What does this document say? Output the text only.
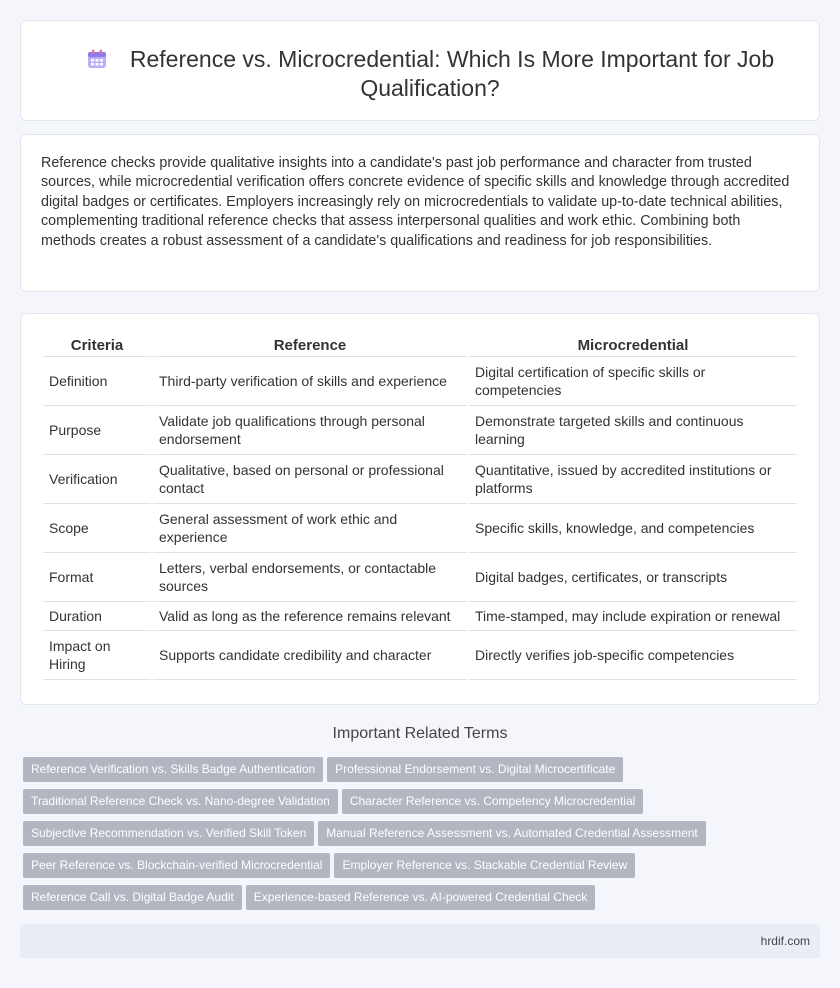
Reference vs. Microcredential: Which Is More Important for Job Qualification?

Reference checks provide qualitative insights into a candidate's past job performance and character from trusted sources, while microcredential verification offers concrete evidence of specific skills and knowledge through accredited digital badges or certificates. Employers increasingly rely on microcredentials to validate up-to-date technical abilities, complementing traditional reference checks that assess interpersonal qualities and work ethic. Combining both methods creates a robust assessment of a candidate's qualifications and readiness for job responsibilities.

Criteria	Reference	Microcredential
Definition	Third-party verification of skills and experience	Digital certification of specific skills or competencies
Purpose	Validate job qualifications through personal endorsement	Demonstrate targeted skills and continuous learning
Verification	Qualitative, based on personal or professional contact	Quantitative, issued by accredited institutions or platforms
Scope	General assessment of work ethic and experience	Specific skills, knowledge, and competencies
Format	Letters, verbal endorsements, or contactable sources	Digital badges, certificates, or transcripts
Duration	Valid as long as the reference remains relevant	Time-stamped, may include expiration or renewal
Impact on Hiring	Supports candidate credibility and character	Directly verifies job-specific competencies
Important Related Terms
Reference Verification vs. Skills Badge Authentication Professional Endorsement vs. Digital Microcertificate
Traditional Reference Check vs. Nano-degree Validation Character Reference vs. Competency Microcredential
Subjective Recommendation vs. Verified Skill Token Manual Reference Assessment vs. Automated Credential Assessment
Peer Reference vs. Blockchain-verified Microcredential Employer Reference vs. Stackable Credential Review
Reference Call vs. Digital Badge Audit Experience-based Reference vs. AI-powered Credential Check
hrdif.com
